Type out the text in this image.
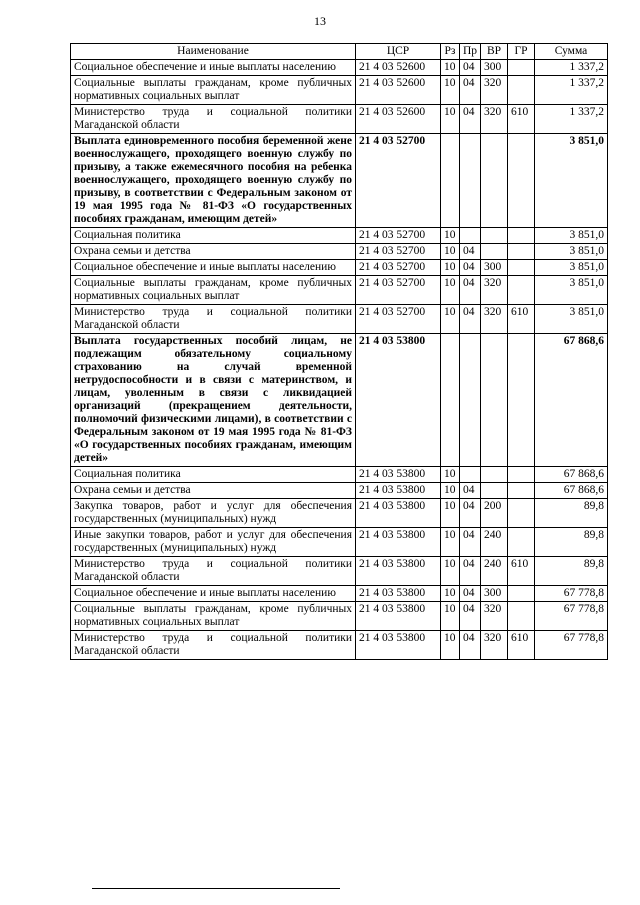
13
Наименование	ЦСР	Рз	Пр	ВР	ГР	Сумма
Социальное обеспечение и иные выплаты населению	21 4 03 52600	10	04	300		1 337,2
Социальные выплаты гражданам, кроме публичных нормативных социальных выплат	21 4 03 52600	10	04	320		1 337,2
Министерство труда и социальной политики Магаданской области	21 4 03 52600	10	04	320	610	1 337,2
Выплата единовременного пособия беременной жене военнослужащего, проходящего военную службу по призыву, а также ежемесячного пособия на ребенка военнослужащего, проходящего военную службу по призыву, в соответствии с Федеральным законом от 19 мая 1995 года № 81-ФЗ «О государственных пособиях гражданам, имеющим детей»	21 4 03 52700					3 851,0
Социальная политика	21 4 03 52700	10				3 851,0
Охрана семьи и детства	21 4 03 52700	10	04			3 851,0
Социальное обеспечение и иные выплаты населению	21 4 03 52700	10	04	300		3 851,0
Социальные выплаты гражданам, кроме публичных нормативных социальных выплат	21 4 03 52700	10	04	320		3 851,0
Министерство труда и социальной политики Магаданской области	21 4 03 52700	10	04	320	610	3 851,0
Выплата государственных пособий лицам, не подлежащим обязательному социальному страхованию на случай временной нетрудоспособности и в связи с материнством, и лицам, уволенным в связи с ликвидацией организаций (прекращением деятельности, полномочий физическими лицами), в соответствии с Федеральным законом от 19 мая 1995 года № 81-ФЗ «О государственных пособиях гражданам, имеющим детей»	21 4 03 53800					67 868,6
Социальная политика	21 4 03 53800	10				67 868,6
Охрана семьи и детства	21 4 03 53800	10	04			67 868,6
Закупка товаров, работ и услуг для обеспечения государственных (муниципальных) нужд	21 4 03 53800	10	04	200		89,8
Иные закупки товаров, работ и услуг для обеспечения государственных (муниципальных) нужд	21 4 03 53800	10	04	240		89,8
Министерство труда и социальной политики Магаданской области	21 4 03 53800	10	04	240	610	89,8
Социальное обеспечение и иные выплаты населению	21 4 03 53800	10	04	300		67 778,8
Социальные выплаты гражданам, кроме публичных нормативных социальных выплат	21 4 03 53800	10	04	320		67 778,8
Министерство труда и социальной политики Магаданской области	21 4 03 53800	10	04	320	610	67 778,8
